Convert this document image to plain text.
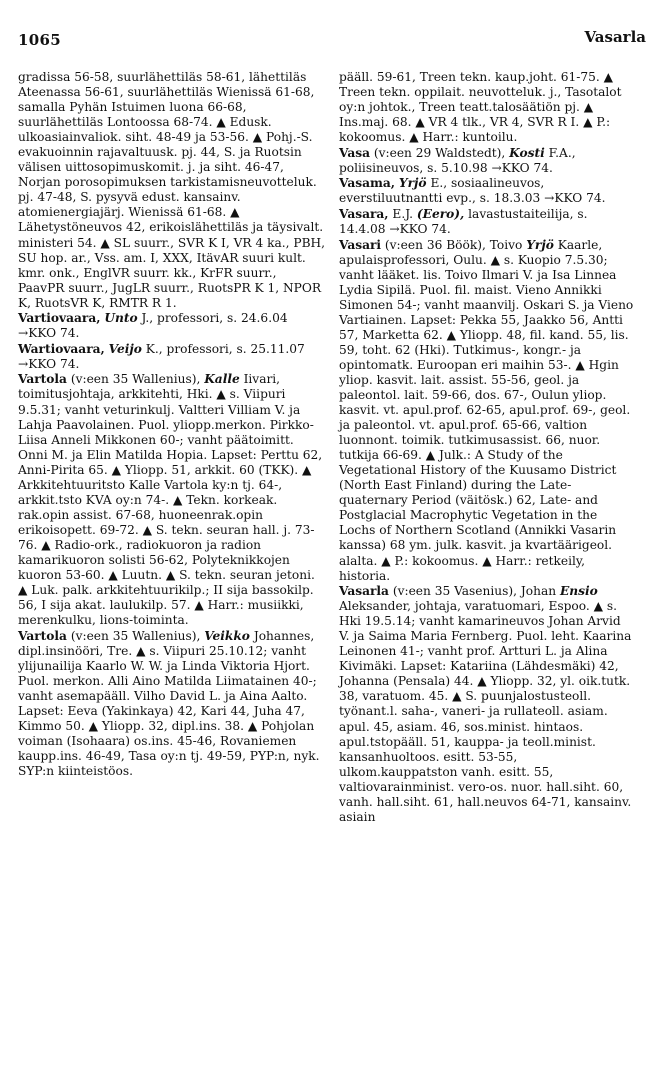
1065	Vasarla

gradissa 56-58, suurlähettiläs 58-61, lähettiläs Ateenassa 56-61, suurlähettiläs Wienissä 61-68, samalla Pyhän Istuimen luona 66-68, suurlähettiläs Lontoossa 68-74. ▲ Edusk. ulkoasiainvaliok. siht. 48-49 ja 53-56. ▲ Pohj.-S. evakuoinnin rajavaltuusk. pj. 44, S. ja Ruotsin välisen uittosopimuskomit. j. ja siht. 46-47, Norjan porosopimuksen tarkistamisneuvotteluk. pj. 47-48, S. pysyvä edust. kansainv. atomienergiajärj. Wienissä 61-68. ▲ Lähetystöneuvos 42, erikoislähettiläs ja täysivalt. ministeri 54. ▲ SL suurr., SVR K I, VR 4 ka., PBH, SU hop. ar., Vss. am. I, XXX, ItävAR suuri kult. kmr. onk., EnglVR suurr. kk., KrFR suurr., PaavPR suurr., JugLR suurr., RuotsPR K 1, NPOR K, RuotsVR K, RMTR R 1.

Vartiovaara, Unto J., professori, s. 24.6.04 →KKO 74.

Wartiovaara, Veijo K., professori, s. 25.11.07 →KKO 74.

Vartola (v:een 35 Wallenius), Kalle Iivari, toimitusjohtaja, arkkitehti, Hki. ▲ s. Viipuri 9.5.31; vanht veturinkulj. Valtteri Villiam V. ja Lahja Paavolainen. Puol. yliopp.merkon. Pirkko-Liisa Anneli Mikkonen 60-; vanht päätoimitt. Onni M. ja Elin Matilda Hopia. Lapset: Perttu 62, Anni-Pirita 65. ▲ Yliopp. 51, arkkit. 60 (TKK). ▲ Arkkitehtuuritsto Kalle Vartola ky:n tj. 64-, arkkit.tsto KVA oy:n 74-. ▲ Tekn. korkeak. rak.opin assist. 67-68, huoneenrak.opin erikoisopett. 69-72. ▲ S. tekn. seuran hall. j. 73-76. ▲ Radio-ork., radiokuoron ja radion kamarikuoron solisti 56-62, Polyteknikkojen kuoron 53-60. ▲ Luutn. ▲ S. tekn. seuran jetoni. ▲ Luk. palk. arkkitehtuurikilp.; II sija bassokilp. 56, I sija akat. laulukilp. 57. ▲ Harr.: musiikki, merenkulku, lions-toiminta.

Vartola (v:een 35 Wallenius), Veikko Johannes, dipl.insinööri, Tre. ▲ s. Viipuri 25.10.12; vanht ylijunailija Kaarlo W. W. ja Linda Viktoria Hjort. Puol. merkon. Alli Aino Matilda Liimatainen 40-; vanht asemapääll. Vilho David L. ja Aina Aalto. Lapset: Eeva (Yakinkaya) 42, Kari 44, Juha 47, Kimmo 50. ▲ Yliopp. 32, dipl.ins. 38. ▲ Pohjolan voiman (Isohaara) os.ins. 45-46, Rovaniemen kaupp.ins. 46-49, Tasa oy:n tj. 49-59, PYP:n, nyk. SYP:n kiinteistöos.

pääll. 59-61, Treen tekn. kaup.joht. 61-75. ▲ Treen tekn. oppilait. neuvotteluk. j., Tasotalot oy:n johtok., Treen teatt.talosäätiön pj. ▲ Ins.maj. 68. ▲ VR 4 tlk., VR 4, SVR R I. ▲ P.: kokoomus. ▲ Harr.: kuntoilu.

Vasa (v:een 29 Waldstedt), Kosti F.A., poliisineuvos, s. 5.10.98 →KKO 74.

Vasama, Yrjö E., sosiaalineuvos, everstiluutnantti evp., s. 18.3.03 →KKO 74.

Vasara, E.J. (Eero), lavastustaiteilija, s. 14.4.08 →KKO 74.

Vasari (v:een 36 Böök), Toivo Yrjö Kaarle, apulaisprofessori, Oulu. ▲ s. Kuopio 7.5.30; vanht lääket. lis. Toivo Ilmari V. ja Isa Linnea Lydia Sipilä. Puol. fil. maist. Vieno Annikki Simonen 54-; vanht maanvilj. Oskari S. ja Vieno Vartiainen. Lapset: Pekka 55, Jaakko 56, Antti 57, Marketta 62. ▲ Yliopp. 48, fil. kand. 55, lis. 59, toht. 62 (Hki). Tutkimus-, kongr.- ja opintomatk. Euroopan eri maihin 53-. ▲ Hgin yliop. kasvit. lait. assist. 55-56, geol. ja paleontol. lait. 59-66, dos. 67-, Oulun yliop. kasvit. vt. apul.prof. 62-65, apul.prof. 69-, geol. ja paleontol. vt. apul.prof. 65-66, valtion luonnont. toimik. tutkimusassist. 66, nuor. tutkija 66-69. ▲ Julk.: A Study of the Vegetational History of the Kuusamo District (North East Finland) during the Late-quaternary Period (väitösk.) 62, Late- and Postglacial Macrophytic Vegetation in the Lochs of Northern Scotland (Annikki Vasarin kanssa) 68 ym. julk. kasvit. ja kvartäärigeol. alalta. ▲ P.: kokoomus. ▲ Harr.: retkeily, historia.

Vasarla (v:een 35 Vasenius), Johan Ensio Aleksander, johtaja, varatuomari, Espoo. ▲ s. Hki 19.5.14; vanht kamarineuvos Johan Arvid V. ja Saima Maria Fernberg. Puol. leht. Kaarina Leinonen 41-; vanht prof. Artturi L. ja Alina Kivimäki. Lapset: Katariina (Lähdesmäki) 42, Johanna (Pensala) 44. ▲ Yliopp. 32, yl. oik.tutk. 38, varatuom. 45. ▲ S. puunjalostusteoll. työnant.l. saha-, vaneri- ja rullateoll. asiam. apul. 45, asiam. 46, sos.minist. hintaos. apul.tstopääll. 51, kauppa- ja teoll.minist. kansanhuoltoos. esitt. 53-55, ulkom.kauppatston vanh. esitt. 55, valtiovarainminist. vero-os. nuor. hall.siht. 60, vanh. hall.siht. 61, hall.neuvos 64-71, kansainv. asiain
